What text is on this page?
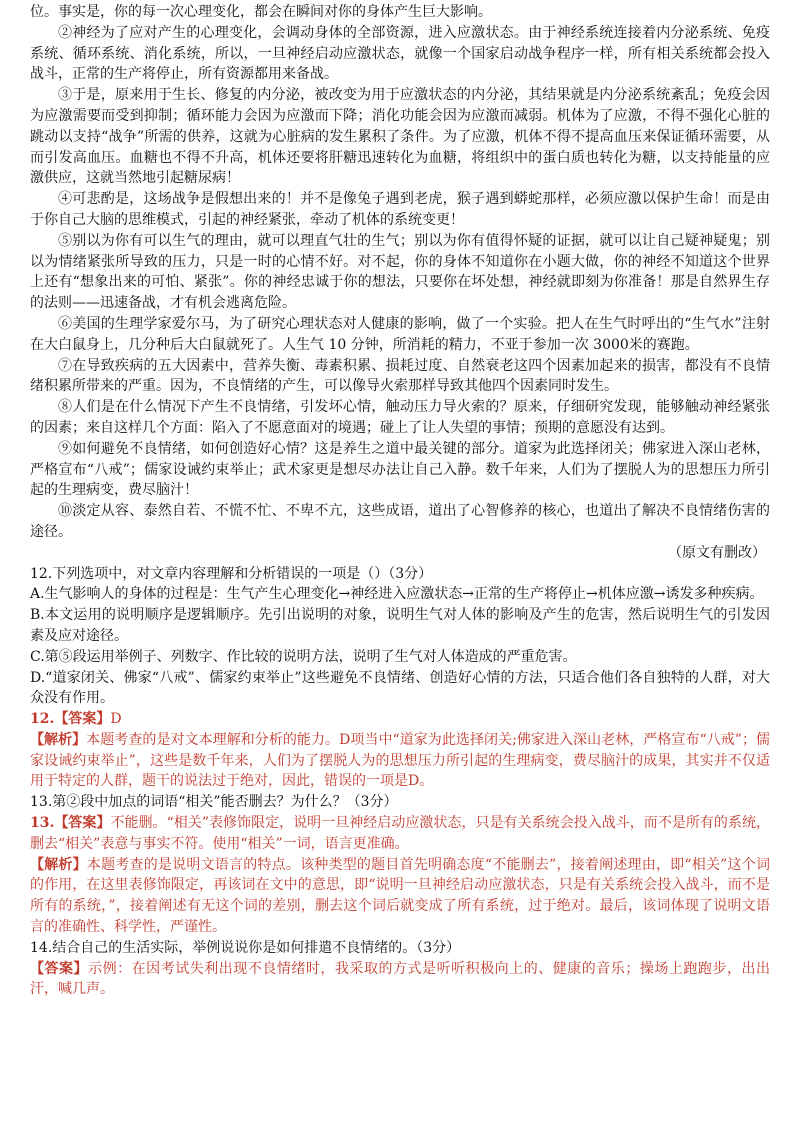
位。事实是，你的每一次心理变化，都会在瞬间对你的身体产生巨大影响。

②神经为了应对产生的心理变化，会调动身体的全部资源，进入应激状态。由于神经系统连接着内分泌系统、免疫系统、循环系统、消化系统，所以，一旦神经启动应激状态，就像一个国家启动战争程序一样，所有相关系统都会投入战斗，正常的生产将停止，所有资源都用来备战。

③于是，原来用于生长、修复的内分泌，被改变为用于应激状态的内分泌，其结果就是内分泌系统紊乱；免疫会因为应激需要而受到抑制；循环能力会因为应激而下降；消化功能会因为应激而减弱。机体为了应激，不得不强化心脏的跳动以支持“战争”所需的供养，这就为心脏病的发生累积了条件。为了应激，机体不得不提高血压来保证循环需要，从而引发高血压。血糖也不得不升高，机体还要将肝糖迅速转化为血糖，将组织中的蛋白质也转化为糖，以支持能量的应激供应，这就当然地引起糖尿病！

④可悲酌是，这场战争是假想出来的！并不是像兔子遇到老虎，猴子遇到蟒蛇那样，必须应激以保护生命！而是由于你自己大脑的思维模式，引起的神经紧张，牵动了机体的系统变更！

⑤别以为你有可以生气的理由，就可以理直气壮的生气；别以为你有值得怀疑的证据，就可以让自己疑神疑鬼；别以为情绪紧张所导致的压力，只是一时的心情不好。对不起，你的身体不知道你在小题大做，你的神经不知道这个世界上还有“想象出来的可怕、紧张”。你的神经忠诚于你的想法，只要你在坏处想，神经就即刻为你准备！那是自然界生存的法则——迅速备战，才有机会逃离危险。

⑥美国的生理学家爱尔马，为了研究心理状态对人健康的影响，做了一个实验。把人在生气时呼出的“生气水”注射在大白鼠身上，几分种后大白鼠就死了。人生气 10 分钟，所消耗的精力，不亚于参加一次 3000米的赛跑。

⑦在导致疾病的五大因素中，营养失衡、毒素积累、损耗过度、自然衰老这四个因素加起来的损害，都没有不良情绪积累所带来的严重。因为，不良情绪的产生，可以像导火索那样导致其他四个因素同时发生。

⑧人们是在什么情况下产生不良情绪，引发坏心情，触动压力导火索的？原来，仔细研究发现，能够触动神经紧张的因素；来自这样几个方面：陷入了不愿意面对的境遇；碰上了让人失望的事情；预期的意愿没有达到。

⑨如何避免不良情绪，如何创造好心情？这是养生之道中最关键的部分。道家为此选择闭关；佛家进入深山老林，严格宣布“八戒”；儒家设诫约束举止；武术家更是想尽办法让自己入静。数千年来，人们为了摆脱人为的思想压力所引起的生理病变，费尽脑汁！

⑩淡定从容、泰然自若、不慌不忙、不卑不亢，这些成语，道出了心智修养的核心，也道出了解决不良情绪伤害的途径。

（原文有删改）

12.下列选项中，对文章内容理解和分析错误的一项是（）（3分）

A.生气影响人的身体的过程是：生气产生心理变化→神经进入应激状态→正常的生产将停止→机体应激→诱发多种疾病。

B.本文运用的说明顺序是逻辑顺序。先引出说明的对象，说明生气对人体的影响及产生的危害，然后说明生气的引发因素及应对途径。

C.第⑤段运用举例子、列数字、作比较的说明方法，说明了生气对人体造成的严重危害。

D.“道家闭关、佛家“八戒”、儒家约束举止”这些避免不良情绪、创造好心情的方法，只适合他们各自独特的人群，对大众没有作用。

12.【答案】D

【解析】本题考查的是对文本理解和分析的能力。D项当中“道家为此选择闭关;佛家进入深山老林，严格宣布“八戒”；儒家设诫约束举止”，这些是数千年来，人们为了摆脱人为的思想压力所引起的生理病变，费尽脑汁的成果，其实并不仅适用于特定的人群，题干的说法过于绝对，因此，错误的一项是D。

13.第②段中加点的词语“相关”能否删去？为什么？（3分）

13.【答案】不能删。“相关”表修饰限定，说明一旦神经启动应激状态，只是有关系统会投入战斗，而不是所有的系统，删去“相关”表意与事实不符。使用“相关”一词，语言更准确。

【解析】本题考查的是说明文语言的特点。该种类型的题目首先明确态度“不能删去”，接着阐述理由，即“相关”这个词的作用，在这里表修饰限定，再该词在文中的意思，即“说明一旦神经启动应激状态，只是有关系统会投入战斗，而不是所有的系统，”，接着阐述有无这个词的差别，删去这个词后就变成了所有系统，过于绝对。最后，该词体现了说明文语言的准确性、科学性，严谨性。

14.结合自己的生活实际，举例说说你是如何排遣不良情绪的。（3分）

【答案】示例：在因考试失利出现不良情绪时，我采取的方式是听听积极向上的、健康的音乐；操场上跑跑步，出出汗，喊几声。
